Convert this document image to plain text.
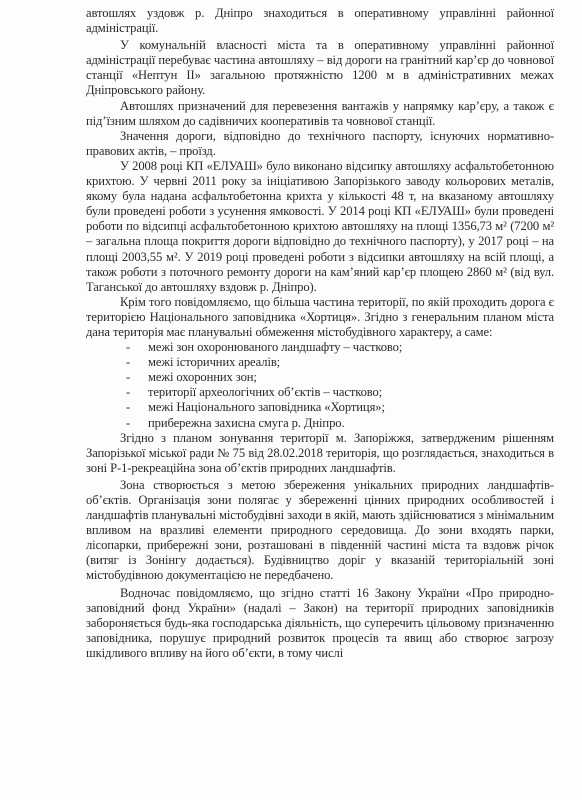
автошлях уздовж р. Дніпро знаходиться в оперативному управлінні районної адміністрації.

У комунальній власності міста та в оперативному управлінні районної адміністрації перебуває частина автошляху – від дороги на гранітний кар’єр до човнової станції «Нептун II» загальною протяжністю 1200 м в адміністративних межах Дніпровського району.

Автошлях призначений для перевезення вантажів у напрямку кар’єру, а також є під’їзним шляхом до садівничих кооперативів та човнової станції.

Значення дороги, відповідно до технічного паспорту, існуючих нормативно-правових актів, – проїзд.

У 2008 році КП «ЕЛУАШ» було виконано відсипку автошляху асфальтобетонною крихтою. У червні 2011 року за ініціативою Запорізького заводу кольорових металів, якому була надана асфальтобетонна крихта у кількості 48 т, на вказаному автошляху були проведені роботи з усунення ямковості. У 2014 році КП «ЕЛУАШ» були проведені роботи по відсипці асфальтобетонною крихтою автошляху на площі 1356,73 м² (7200 м² – загальна площа покриття дороги відповідно до технічного паспорту), у 2017 році – на площі 2003,55 м². У 2019 році проведені роботи з відсипки автошляху на всій площі, а також роботи з поточного ремонту дороги на кам’яний кар’єр площею 2860 м² (від вул. Таганської до автошляху вздовж р. Дніпро).

Крім того повідомляємо, що більша частина території, по якій проходить дорога є територією Національного заповідника «Хортиця». Згідно з генеральним планом міста дана територія має планувальні обмеження містобудівного характеру, а саме:

-	межі зон охоронюваного ландшафту – частково;
-	межі історичних ареалів;
-	межі охоронних зон;
-	території археологічних об’єктів – частково;
-	межі Національного заповідника «Хортиця»;
-	прибережна захисна смуга р. Дніпро.

Згідно з планом зонування території м. Запоріжжя, затвердженим рішенням Запорізької міської ради № 75 від 28.02.2018 територія, що розглядається, знаходиться в зоні Р-1-рекреаційна зона об’єктів природних ландшафтів.

Зона створюється з метою збереження унікальних природних ландшафтів-об’єктів. Організація зони полягає у збереженні цінних природних особливостей і ландшафтів планувальні містобудівні заходи в якій, мають здійснюватися з мінімальним впливом на вразливі елементи природного середовища. До зони входять парки, лісопарки, прибережні зони, розташовані в південній частині міста та вздовж річок (витяг із Зонінгу додається). Будівництво доріг у вказаній територіальній зоні містобудівною документацією не передбачено.

Водночас повідомляємо, що згідно статті 16 Закону України «Про природно-заповідний фонд України» (надалі – Закон) на території природних заповідників забороняється будь-яка господарська діяльність, що суперечить цільовому призначенню заповідника, порушує природний розвиток процесів та явищ або створює загрозу шкідливого впливу на його об’єкти, в тому числі
